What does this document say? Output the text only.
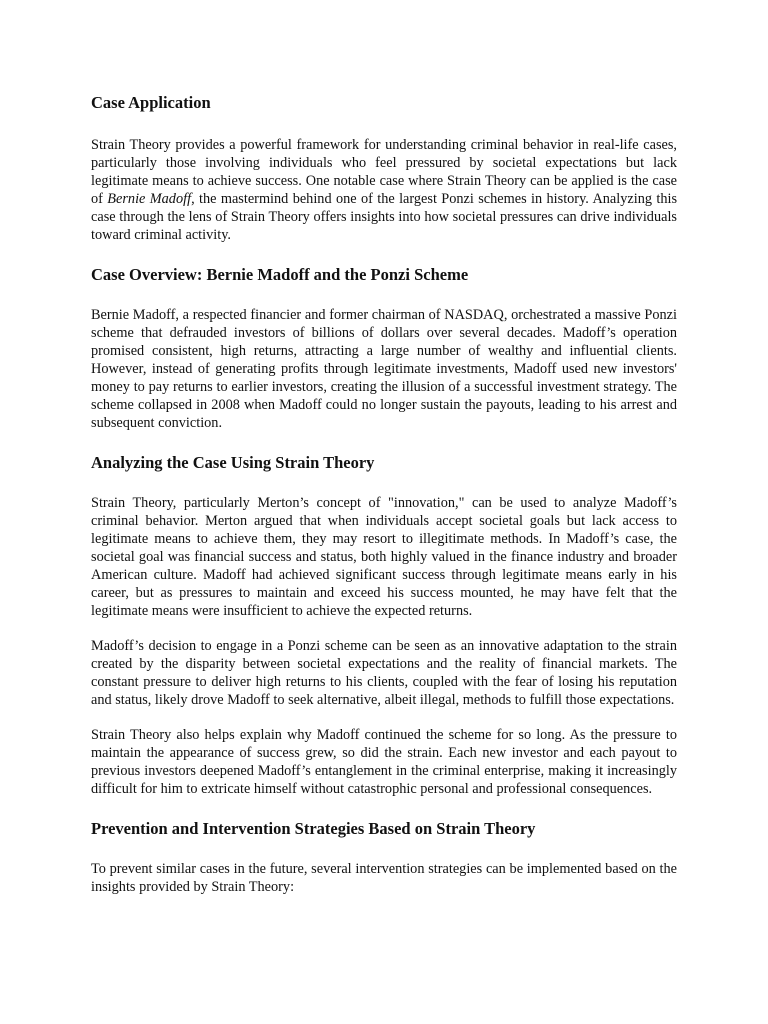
Case Application

Strain Theory provides a powerful framework for understanding criminal behavior in real-life cases, particularly those involving individuals who feel pressured by societal expectations but lack legitimate means to achieve success. One notable case where Strain Theory can be applied is the case of Bernie Madoff, the mastermind behind one of the largest Ponzi schemes in history. Analyzing this case through the lens of Strain Theory offers insights into how societal pressures can drive individuals toward criminal activity.

Case Overview: Bernie Madoff and the Ponzi Scheme

Bernie Madoff, a respected financier and former chairman of NASDAQ, orchestrated a massive Ponzi scheme that defrauded investors of billions of dollars over several decades. Madoff’s operation promised consistent, high returns, attracting a large number of wealthy and influential clients. However, instead of generating profits through legitimate investments, Madoff used new investors' money to pay returns to earlier investors, creating the illusion of a successful investment strategy. The scheme collapsed in 2008 when Madoff could no longer sustain the payouts, leading to his arrest and subsequent conviction.

Analyzing the Case Using Strain Theory

Strain Theory, particularly Merton’s concept of "innovation," can be used to analyze Madoff’s criminal behavior. Merton argued that when individuals accept societal goals but lack access to legitimate means to achieve them, they may resort to illegitimate methods. In Madoff’s case, the societal goal was financial success and status, both highly valued in the finance industry and broader American culture. Madoff had achieved significant success through legitimate means early in his career, but as pressures to maintain and exceed his success mounted, he may have felt that the legitimate means were insufficient to achieve the expected returns.

Madoff’s decision to engage in a Ponzi scheme can be seen as an innovative adaptation to the strain created by the disparity between societal expectations and the reality of financial markets. The constant pressure to deliver high returns to his clients, coupled with the fear of losing his reputation and status, likely drove Madoff to seek alternative, albeit illegal, methods to fulfill those expectations.

Strain Theory also helps explain why Madoff continued the scheme for so long. As the pressure to maintain the appearance of success grew, so did the strain. Each new investor and each payout to previous investors deepened Madoff’s entanglement in the criminal enterprise, making it increasingly difficult for him to extricate himself without catastrophic personal and professional consequences.

Prevention and Intervention Strategies Based on Strain Theory

To prevent similar cases in the future, several intervention strategies can be implemented based on the insights provided by Strain Theory:
